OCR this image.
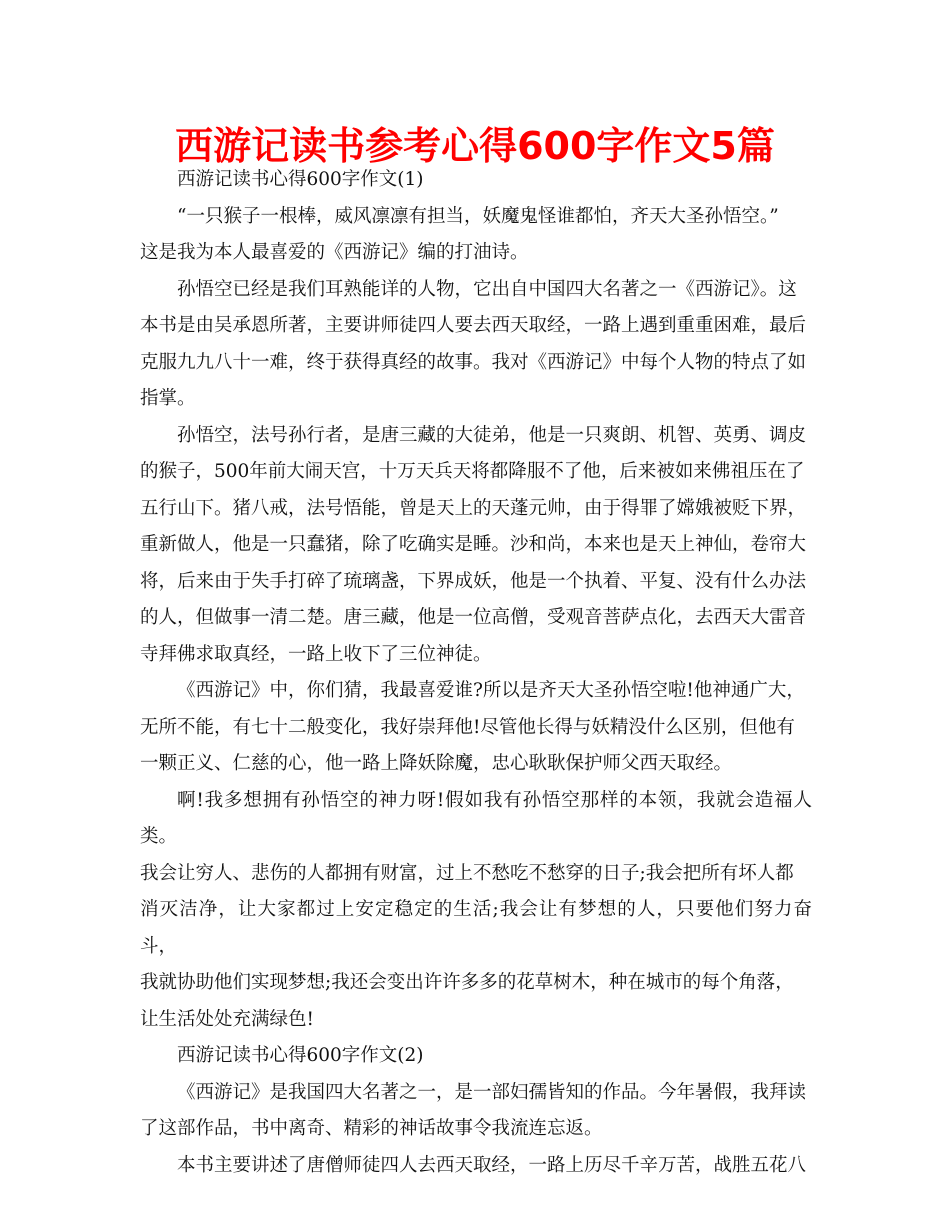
西游记读书参考心得600字作文5篇

西游记读书心得600字作文(1)

“一只猴子一根棒，威风凛凛有担当，妖魔鬼怪谁都怕，齐天大圣孙悟空。”
这是我为本人最喜爱的《西游记》编的打油诗。

孙悟空已经是我们耳熟能详的人物，它出自中国四大名著之一《西游记》。这
本书是由吴承恩所著，主要讲师徒四人要去西天取经，一路上遇到重重困难，最后
克服九九八十一难，终于获得真经的故事。我对《西游记》中每个人物的特点了如
指掌。

孙悟空，法号孙行者，是唐三藏的大徒弟，他是一只爽朗、机智、英勇、调皮
的猴子，500年前大闹天宫，十万天兵天将都降服不了他，后来被如来佛祖压在了
五行山下。猪八戒，法号悟能，曾是天上的天蓬元帅，由于得罪了嫦娥被贬下界，
重新做人，他是一只蠢猪，除了吃确实是睡。沙和尚，本来也是天上神仙，卷帘大
将，后来由于失手打碎了琉璃盏，下界成妖，他是一个执着、平复、没有什么办法
的人，但做事一清二楚。唐三藏，他是一位高僧，受观音菩萨点化，去西天大雷音
寺拜佛求取真经，一路上收下了三位神徒。

《西游记》中，你们猜，我最喜爱谁?所以是齐天大圣孙悟空啦!他神通广大，
无所不能，有七十二般变化，我好崇拜他!尽管他长得与妖精没什么区别，但他有
一颗正义、仁慈的心，他一路上降妖除魔，忠心耿耿保护师父西天取经。

啊!我多想拥有孙悟空的神力呀!假如我有孙悟空那样的本领，我就会造福人类。
我会让穷人、悲伤的人都拥有财富，过上不愁吃不愁穿的日子;我会把所有坏人都
消灭洁净，让大家都过上安定稳定的生活;我会让有梦想的人，只要他们努力奋斗，
我就协助他们实现梦想;我还会变出许许多多的花草树木，种在城市的每个角落，
让生活处处充满绿色!

西游记读书心得600字作文(2)

《西游记》是我国四大名著之一，是一部妇孺皆知的作品。今年暑假，我拜读
了这部作品，书中离奇、精彩的神话故事令我流连忘返。

本书主要讲述了唐僧师徒四人去西天取经，一路上历尽千辛万苦，战胜五花八
